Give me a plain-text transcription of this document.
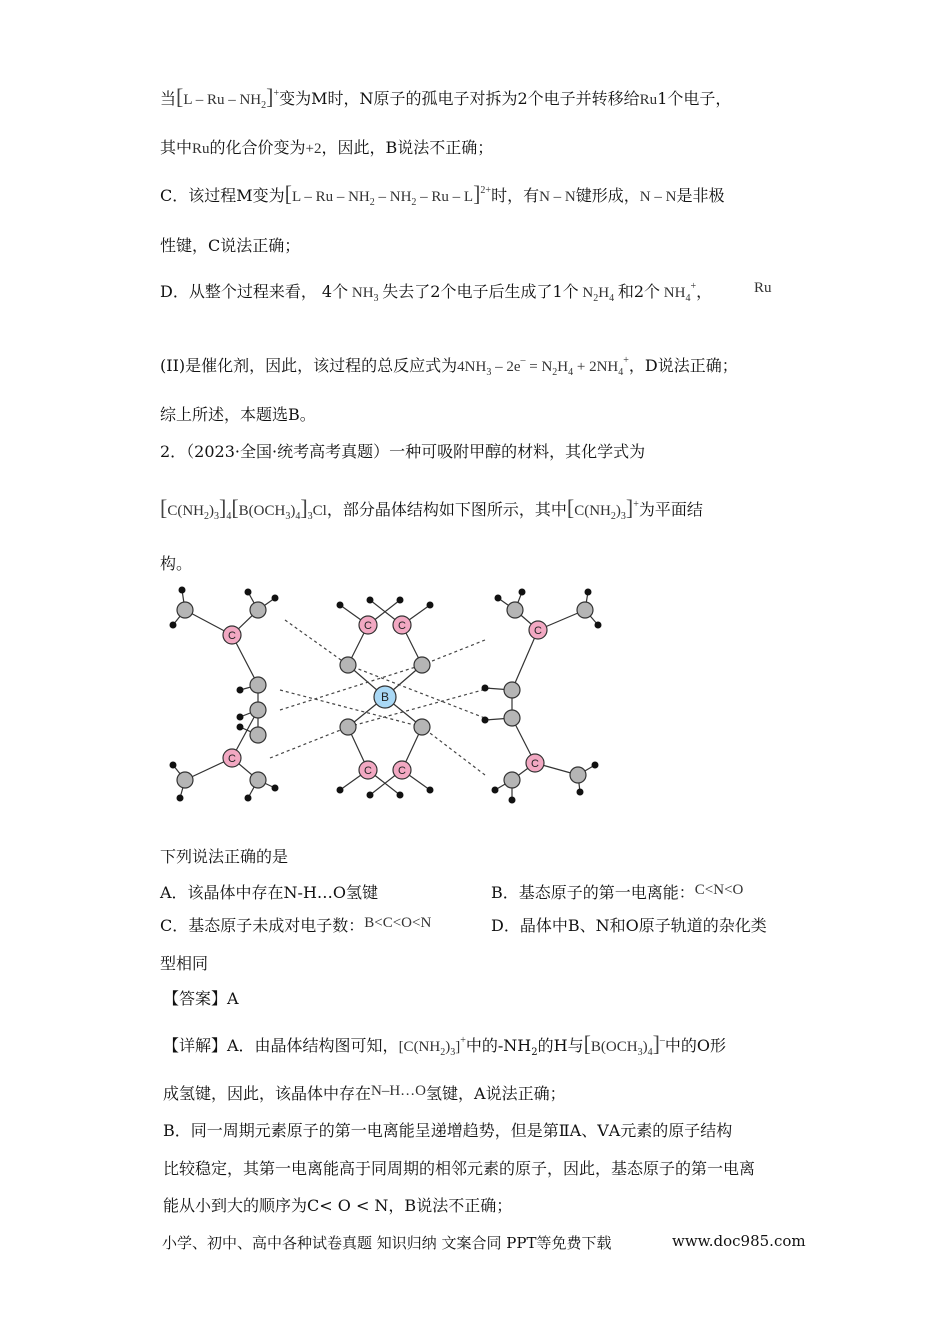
当[L – Ru – $NH_2]^+$变为M时，N原子的孤电子对拆为2个电子并转移给Ru1个电子，
其中Ru的化合价变为+2，因此，B说法不正确；
C．该过程M变为[L – Ru – $NH_2 - NH_2$ – Ru – L]$^{2+}$时，有N – N键形成，N – N是非极
性键，C说法正确；
D．从整个过程来看， 4个 $NH_3$ 失去了2个电子后生成了1个 $N_2H_4$ 和2个 $NH_4^+$，	Ru
(II)是催化剂，因此，该过程的总反应式为$4NH_3 - 2e^- = N_2H_4 + 2NH_4^+$，D说法正确；
综上所述，本题选B。
2．（2023·全国·统考高考真题）一种可吸附甲醇的材料，其化学式为
$[C(NH_2)_3]_4[B(OCH_3)_4]_3Cl$，部分晶体结构如下图所示，其中$[C(NH_2)_3]^+$为平面结
构。
C
C
C C
C C
C
C
B
下列说法正确的是
A．该晶体中存在N-H…O氢键	B．基态原子的第一电离能：C<N<O
C．基态原子未成对电子数：B<C<O<N	D．晶体中B、N和O原子轨道的杂化类
型相同
【答案】A
【详解】A．由晶体结构图可知，$[C(NH_2)_3]^+$中的$-NH_2$的H与$[B(OCH_3)_4]^-$中的O形
成氢键，因此，该晶体中存在N–H…O氢键，A说法正确；
B．同一周期元素原子的第一电离能呈递增趋势，但是第ⅡA、ⅤA元素的原子结构
比较稳定，其第一电离能高于同周期的相邻元素的原子，因此，基态原子的第一电离
能从小到大的顺序为C< O < N，B说法不正确；
小学、初中、高中各种试卷真题 知识归纳 文案合同 PPT等免费下载	www.doc985.com
